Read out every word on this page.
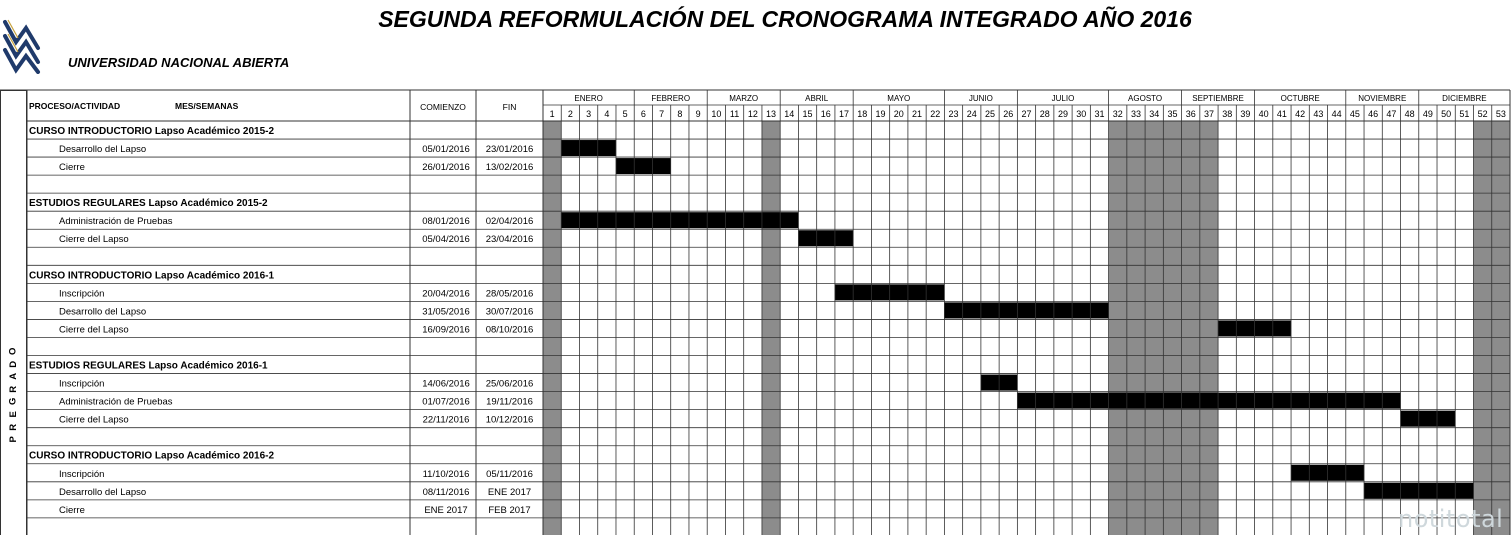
SEGUNDA REFORMULACIÓN DEL CRONOGRAMA INTEGRADO AÑO 2016
UNIVERSIDAD NACIONAL ABIERTA
O
D
A
R
G
E
R
P
ENERO	FEBRERO	MARZO	ABRIL	MAYO	JUNIO	JULIO	AGOSTO	SEPTIEMBRE	OCTUBRE	NOVIEMBRE	DICIEMBRE
1 2 3 4 5 6 7 8 9 10 11 12 13 14 15 16 17 18 19 20 21 22 23 24 25 26 27 28 29 30 31 32 33 34 35 36 37 38 39 40 41 42 43 44 45 46 47 48 49 50 51 52 53
PROCESO/ACTIVIDAD	MES/SEMANAS	COMIENZO	FIN
CURSO INTRODUCTORIO Lapso Académico 2015-2
Desarrollo del Lapso	05/01/2016 23/01/2016
Cierre	26/01/2016 13/02/2016
ESTUDIOS REGULARES Lapso Académico 2015-2
Administración de Pruebas	08/01/2016 02/04/2016
Cierre del Lapso	05/04/2016 23/04/2016
CURSO INTRODUCTORIO Lapso Académico 2016-1
Inscripción	20/04/2016 28/05/2016
Desarrollo del Lapso	31/05/2016 30/07/2016
Cierre del Lapso	16/09/2016 08/10/2016
ESTUDIOS REGULARES Lapso Académico 2016-1
Inscripción	14/06/2016 25/06/2016
Administración de Pruebas	01/07/2016 19/11/2016
Cierre del Lapso	22/11/2016 10/12/2016
CURSO INTRODUCTORIO Lapso Académico 2016-2
Inscripción	11/10/2016 05/11/2016
Desarrollo del Lapso	08/11/2016 ENE 2017
Cierre	ENE 2017 FEB 2017	notitotal
